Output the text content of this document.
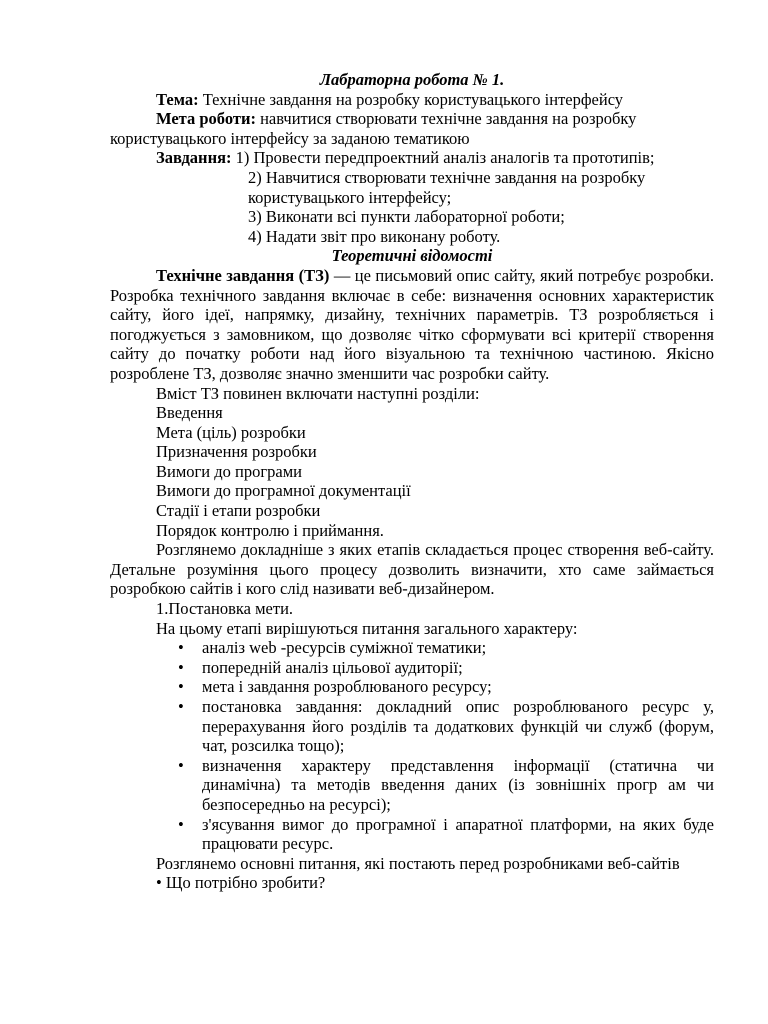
Лабраторна робота № 1.

Тема: Технічне завдання на розробку користувацького інтерфейсу

Мета роботи: навчитися створювати технічне завдання на розробку

користувацького інтерфейсу за заданою тематикою

Завдання: 1) Провести передпроектний аналіз аналогів та прототипів;

2) Навчитися створювати технічне завдання на розробку

користувацького інтерфейсу;

3) Виконати всі пункти лабораторної роботи;

4) Надати звіт про виконану роботу.

Теоретичні відомості

Технічне завдання (ТЗ) — це письмовий опис сайту, який потребує розробки. Розробка технічного завдання включає в себе: визначення основних характеристик сайту, його ідеї, напрямку, дизайну, технічних параметрів. ТЗ розробляється і погоджується з замовником, що дозволяє чітко сформувати всі критерії створення сайту до початку роботи над його візуальною та технічною частиною. Якісно розроблене ТЗ, дозволяє значно зменшити час розробки сайту.

Вміст ТЗ повинен включати наступні розділи:

Введення

Мета (ціль) розробки

Призначення розробки

Вимоги до програми

Вимоги до програмної документації

Стадії і етапи розробки

Порядок контролю і приймання.

Розглянемо докладніше з яких етапів складається процес створення веб-сайту. Детальне розуміння цього процесу дозволить визначити, хто саме займається розробкою сайтів і кого слід називати веб-дизайнером.

1.Постановка мети.

На цьому етапі вирішуються питання загального характеру:

• аналіз web -ресурсів суміжної тематики;
• попередній аналіз цільової аудиторії;
• мета і завдання розроблюваного ресурсу;
• постановка завдання: докладний опис розроблюваного ресурс у, перерахування його розділів та додаткових функцій чи служб (форум, чат, розсилка тощо);
• визначення характеру представлення інформації (статична чи динамічна) та методів введення даних (із зовнішніх прогр ам чи безпосередньо на ресурсі);
• з'ясування вимог до програмної і апаратної платформи, на яких буде працювати ресурс.

Розглянемо основні питання, які постають перед розробниками веб-сайтів

• Що потрібно зробити?
